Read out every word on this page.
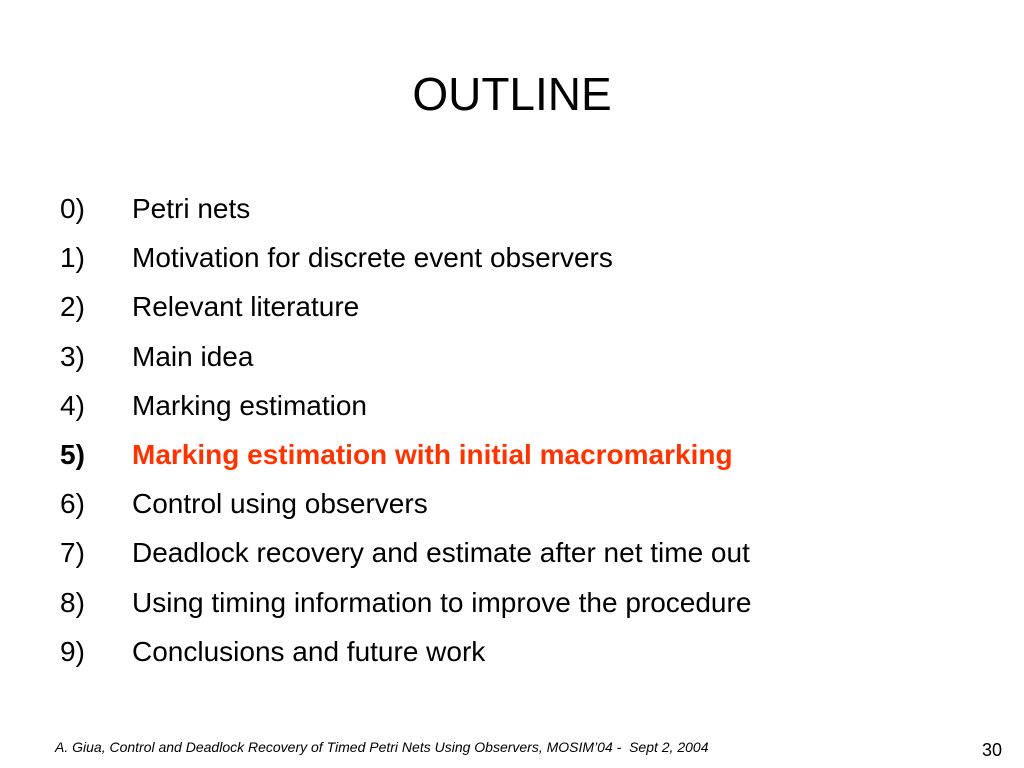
OUTLINE
0)	Petri nets
1)	Motivation for discrete event observers
2)	Relevant literature
3)	Main idea
4)	Marking estimation
5)	Marking estimation with initial macromarking
6)	Control using observers
7)	Deadlock recovery and estimate after net time out
8)	Using timing information to improve the procedure
9)	Conclusions and future work
A. Giua, Control and Deadlock Recovery of Timed Petri Nets Using Observers, MOSIM’04 -  Sept 2, 2004	30
